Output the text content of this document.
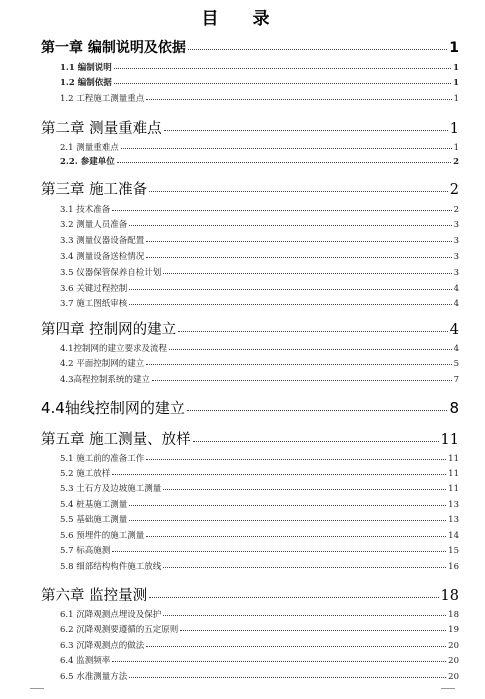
目 录
第一章 编制说明及依据	1
1.1 编制说明	1
1.2 编制依据	1
1.2 工程施工测量重点	1
第二章 测量重难点	1
2.1 测量重难点	1
2.2. 参建单位	2
第三章 施工准备	2
3.1 技术准备	2
3.2 测量人员准备	3
3.3 测量仪器设备配置	3
3.4 测量设备送检情况	3
3.5 仪器保管保养自检计划	3
3.6 关键过程控制	4
3.7 施工图纸审核	4
第四章 控制网的建立	4
4.1控制网的建立要求及流程	4
4.2 平面控制网的建立	5
4.3高程控制系统的建立	7
4.4轴线控制网的建立	8
第五章 施工测量、放样	11
5.1 施工前的准备工作	11
5.2 施工放样	11
5.3 土石方及边坡施工测量	11
5.4 桩基施工测量	13
5.5 基础施工测量	13
5.6 预埋件的施工测量	14
5.7 标高施测	15
5.8 细部结构构件施工放线	16
第六章 监控量测	18
6.1 沉降观测点埋设及保护	18
6.2 沉降观测要遵循的五定原则	19
6.3 沉降观测点的做法	20
6.4 监测频率	20
6.5 水准测量方法	20
